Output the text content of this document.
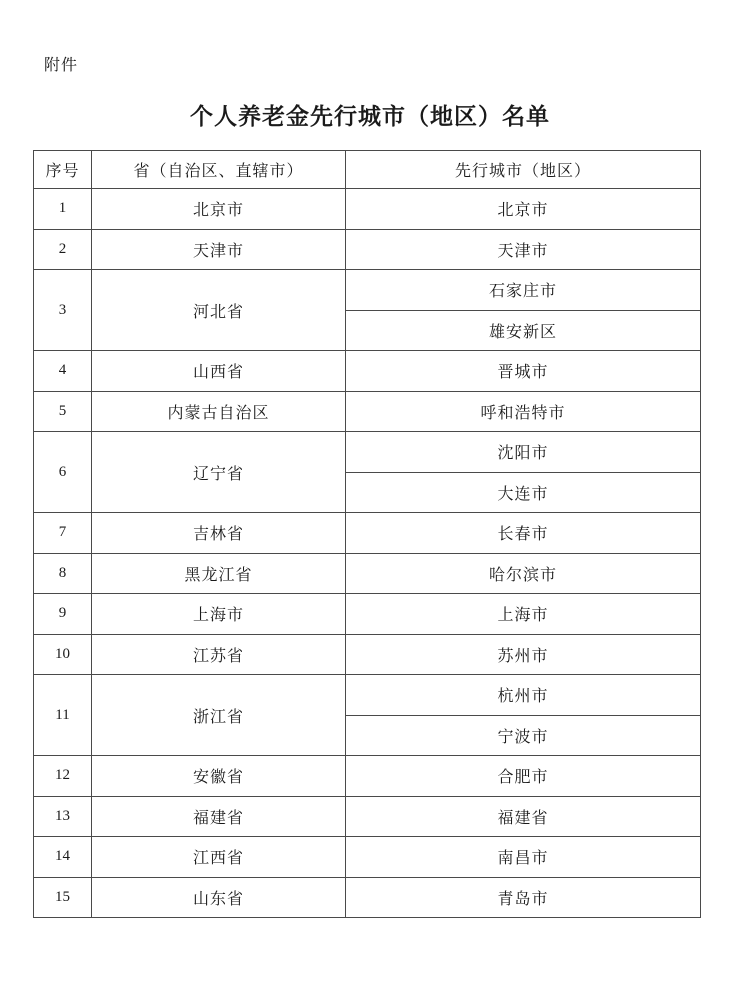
附件
个人养老金先行城市（地区）名单
序号	省（自治区、直辖市）	先行城市（地区）
1	北京市	北京市
2	天津市	天津市
3	河北省	石家庄市
		雄安新区
4	山西省	晋城市
5	内蒙古自治区	呼和浩特市
6	辽宁省	沈阳市
		大连市
7	吉林省	长春市
8	黑龙江省	哈尔滨市
9	上海市	上海市
10	江苏省	苏州市
11	浙江省	杭州市
		宁波市
12	安徽省	合肥市
13	福建省	福建省
14	江西省	南昌市
15	山东省	青岛市
